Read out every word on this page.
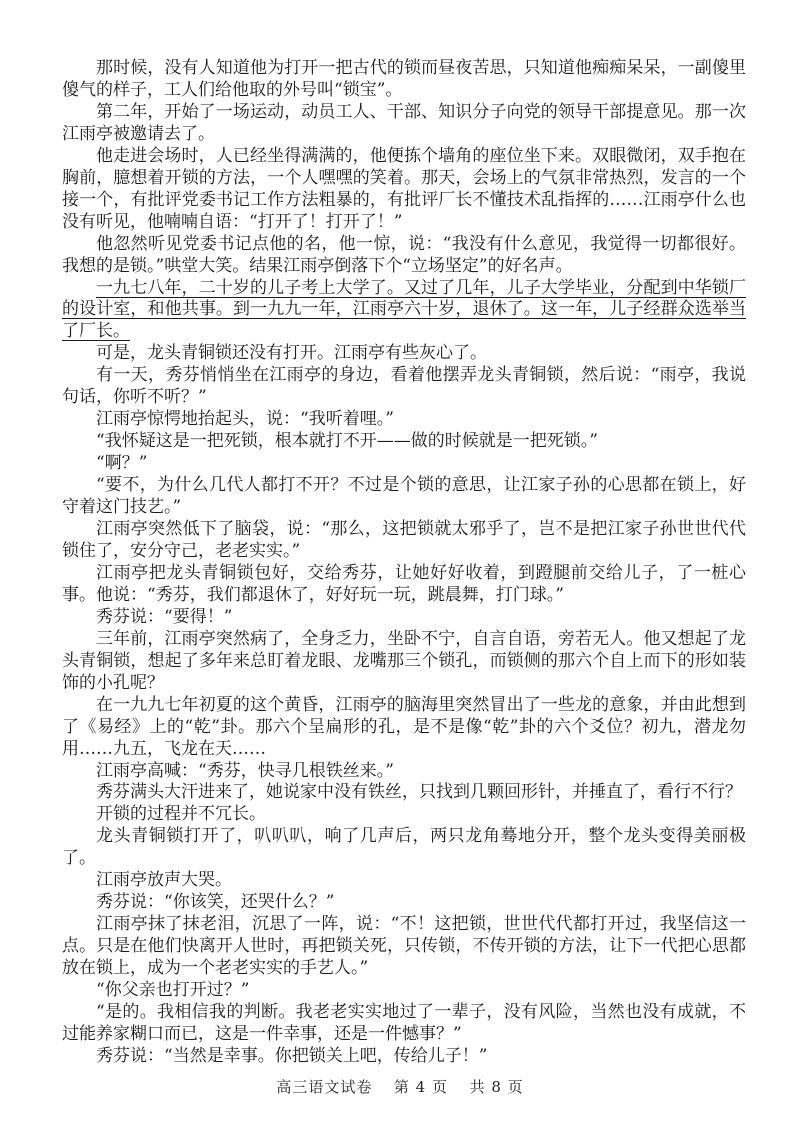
那时候，没有人知道他为打开一把古代的锁而昼夜苦思，只知道他痴痴呆呆，一副傻里傻气的样子，工人们给他取的外号叫“锁宝”。

第二年，开始了一场运动，动员工人、干部、知识分子向党的领导干部提意见。那一次江雨亭被邀请去了。

他走进会场时，人已经坐得满满的，他便拣个墙角的座位坐下来。双眼微闭，双手抱在胸前，臆想着开锁的方法，一个人嘿嘿的笑着。那天，会场上的气氛非常热烈，发言的一个接一个，有批评党委书记工作方法粗暴的，有批评厂长不懂技术乱指挥的……江雨亭什么也没有听见，他喃喃自语：“打开了！打开了！”

他忽然听见党委书记点他的名，他一惊，说：“我没有什么意见，我觉得一切都很好。我想的是锁。”哄堂大笑。结果江雨亭倒落下个“立场坚定”的好名声。

一九七八年，二十岁的儿子考上大学了。又过了几年，儿子大学毕业，分配到中华锁厂的设计室，和他共事。到一九九一年，江雨亭六十岁，退休了。这一年，儿子经群众选举当了厂长。

可是，龙头青铜锁还没有打开。江雨亭有些灰心了。

有一天，秀芬悄悄坐在江雨亭的身边，看着他摆弄龙头青铜锁，然后说：“雨亭，我说句话，你听不听？”

江雨亭惊愕地抬起头，说：“我听着哩。”

“我怀疑这是一把死锁，根本就打不开——做的时候就是一把死锁。”

“啊？”

“要不，为什么几代人都打不开？不过是个锁的意思，让江家子孙的心思都在锁上，好守着这门技艺。”

江雨亭突然低下了脑袋，说：“那么，这把锁就太邪乎了，岂不是把江家子孙世世代代锁住了，安分守己，老老实实。”

江雨亭把龙头青铜锁包好，交给秀芬，让她好好收着，到蹬腿前交给儿子，了一桩心事。他说：“秀芬，我们都退休了，好好玩一玩，跳晨舞，打门球。”

秀芬说：“要得！”

三年前，江雨亭突然病了，全身乏力，坐卧不宁，自言自语，旁若无人。他又想起了龙头青铜锁，想起了多年来总盯着龙眼、龙嘴那三个锁孔，而锁侧的那六个自上而下的形如装饰的小孔呢？

在一九九七年初夏的这个黄昏，江雨亭的脑海里突然冒出了一些龙的意象，并由此想到了《易经》上的“乾”卦。那六个呈扁形的孔，是不是像“乾”卦的六个爻位？初九，潜龙勿用……九五，飞龙在天……

江雨亭高喊：“秀芬，快寻几根铁丝来。”

秀芬满头大汗进来了，她说家中没有铁丝，只找到几颗回形针，并捶直了，看行不行？

开锁的过程并不冗长。

龙头青铜锁打开了，叭叭叭，响了几声后，两只龙角蓦地分开，整个龙头变得美丽极了。

江雨亭放声大哭。

秀芬说：“你该笑，还哭什么？”

江雨亭抹了抹老泪，沉思了一阵，说：“不！这把锁，世世代代都打开过，我坚信这一点。只是在他们快离开人世时，再把锁关死，只传锁，不传开锁的方法，让下一代把心思都放在锁上，成为一个老老实实的手艺人。”

“你父亲也打开过？”

“是的。我相信我的判断。我老老实实地过了一辈子，没有风险，当然也没有成就，不过能养家糊口而已，这是一件幸事，还是一件憾事？”

秀芬说：“当然是幸事。你把锁关上吧，传给儿子！”

高三语文试卷 第 4 页 共 8 页
